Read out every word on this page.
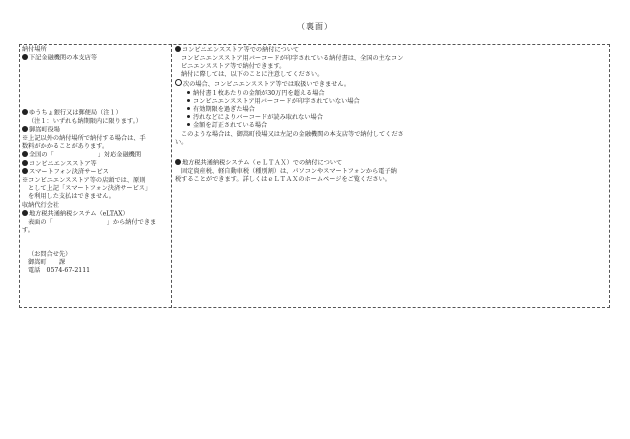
（裏面）
納付場所
下記金融機関の本支店等
ゆうちょ銀行又は郵便局（注１）
（注１：いずれも納期限内に限ります。）
御嵩町役場
※上記以外の納付場所で納付する場合は、手
数料がかかることがあります。
全国の「	」対応金融機関
コンビニエンスストア等
スマートフォン決済サービス
※コンビニエンスストア等の店頭では、原則
として上記「スマートフォン決済サービス」
を利用した支払はできません。
収納代行会社
地方税共通納税システム（eLTAX）
表面の「	」から納付できま
す。
（お問合せ先）
御嵩町　　課
電話　0574-67-2111
コンビニエンスストア等での納付について
コンビニエンスストア用バーコードが印字されている納付書は、全国の主なコン
ビニエンスストア等で納付できます。
納付に際しては、以下のことに注意してください。
次の場合、コンビニエンスストア等では取扱いできません。
納付書１枚あたりの金額が30万円を超える場合
コンビニエンスストア用バーコードが印字されていない場合
有効期限を過ぎた場合
汚れなどによりバーコードが読み取れない場合
金額を訂正されている場合
このような場合は、御嵩町役場又は左記の金融機関の本支店等で納付してくださ
い。
地方税共通納税システム（ｅＬＴＡＸ）での納付について
固定資産税、軽自動車税（種別割）は、パソコンやスマートフォンから電子納
税することができます。詳しくはｅＬＴＡＸのホームページをご覧ください。
